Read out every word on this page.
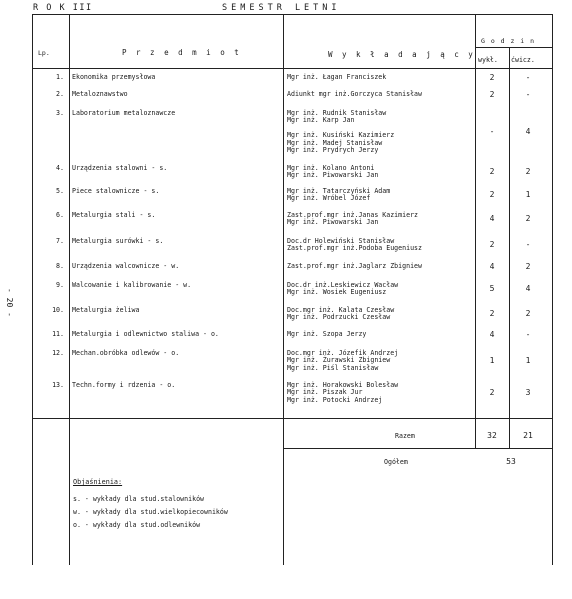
R O K III	SEMESTR LETNI
- 20 -
Lp.	P r z e d m i o t	W y k ł a d a j ą c y
G o d z i n
wykł. ćwicz.
1. Ekonomika przemysłowa	Mgr inż. Łagan Franciszek	2	-
2. Metaloznawstwo	Adiunkt mgr inż.Gorczyca Stanisław	2	-
3. Laboratorium metaloznawcze	Mgr inż. Rudnik Stanisław
Mgr inż. Karp Jan
Mgr inż. Kusiński Kazimierz
Mgr inż. Madej Stanisław
Mgr inż. Prydrych Jerzy
-	4
4. Urządzenia stalowni - s.	Mgr inż. Kolano Antoni
Mgr inż. Piwowarski Jan	2	2
5. Piece stalownicze - s.	Mgr inż. Tatarczyński Adam
Mgr inż. Wróbel Józef	2	1
6. Metalurgia stali - s.	Zast.prof.mgr inż.Janas Kazimierz
Mgr inż. Piwowarski Jan	4	2
7. Metalurgia surówki - s.	Doc.dr Holewiński Stanisław
Zast.prof.mgr inż.Podoba Eugeniusz	2	-
8. Urządzenia walcownicze - w.	Zast.prof.mgr inż.Jaglarz Zbigniew	4	2
9. Walcowanie i kalibrowanie - w.	Doc.dr inż.Leskiewicz Wacław
Mgr inż. Wosiek Eugeniusz	5	4
10. Metalurgia żeliwa	Doc.mgr inż. Kalata Czesław
Mgr inż. Podrzucki Czesław	2	2
11. Metalurgia i odlewnictwo staliwa - o.	Mgr inż. Szopa Jerzy	4	-
12. Mechan.obróbka odlewów - o.	Doc.mgr inż. Józefik Andrzej
Mgr inż. Żurawski Zbigniew
Mgr inż. Piśl Stanisław
1	1
13. Techn.formy i rdzenia - o.	Mgr inż. Horakowski Bolesław
Mgr inż. Piszak Jur
Mgr inż. Potocki Andrzej
2	3
Razem	32	21
Ogółem	53
Objaśnienia:
s. - wykłady dla stud.stalowników
w. - wykłady dla stud.wielkopiecowników
o. - wykłady dla stud.odlewników
